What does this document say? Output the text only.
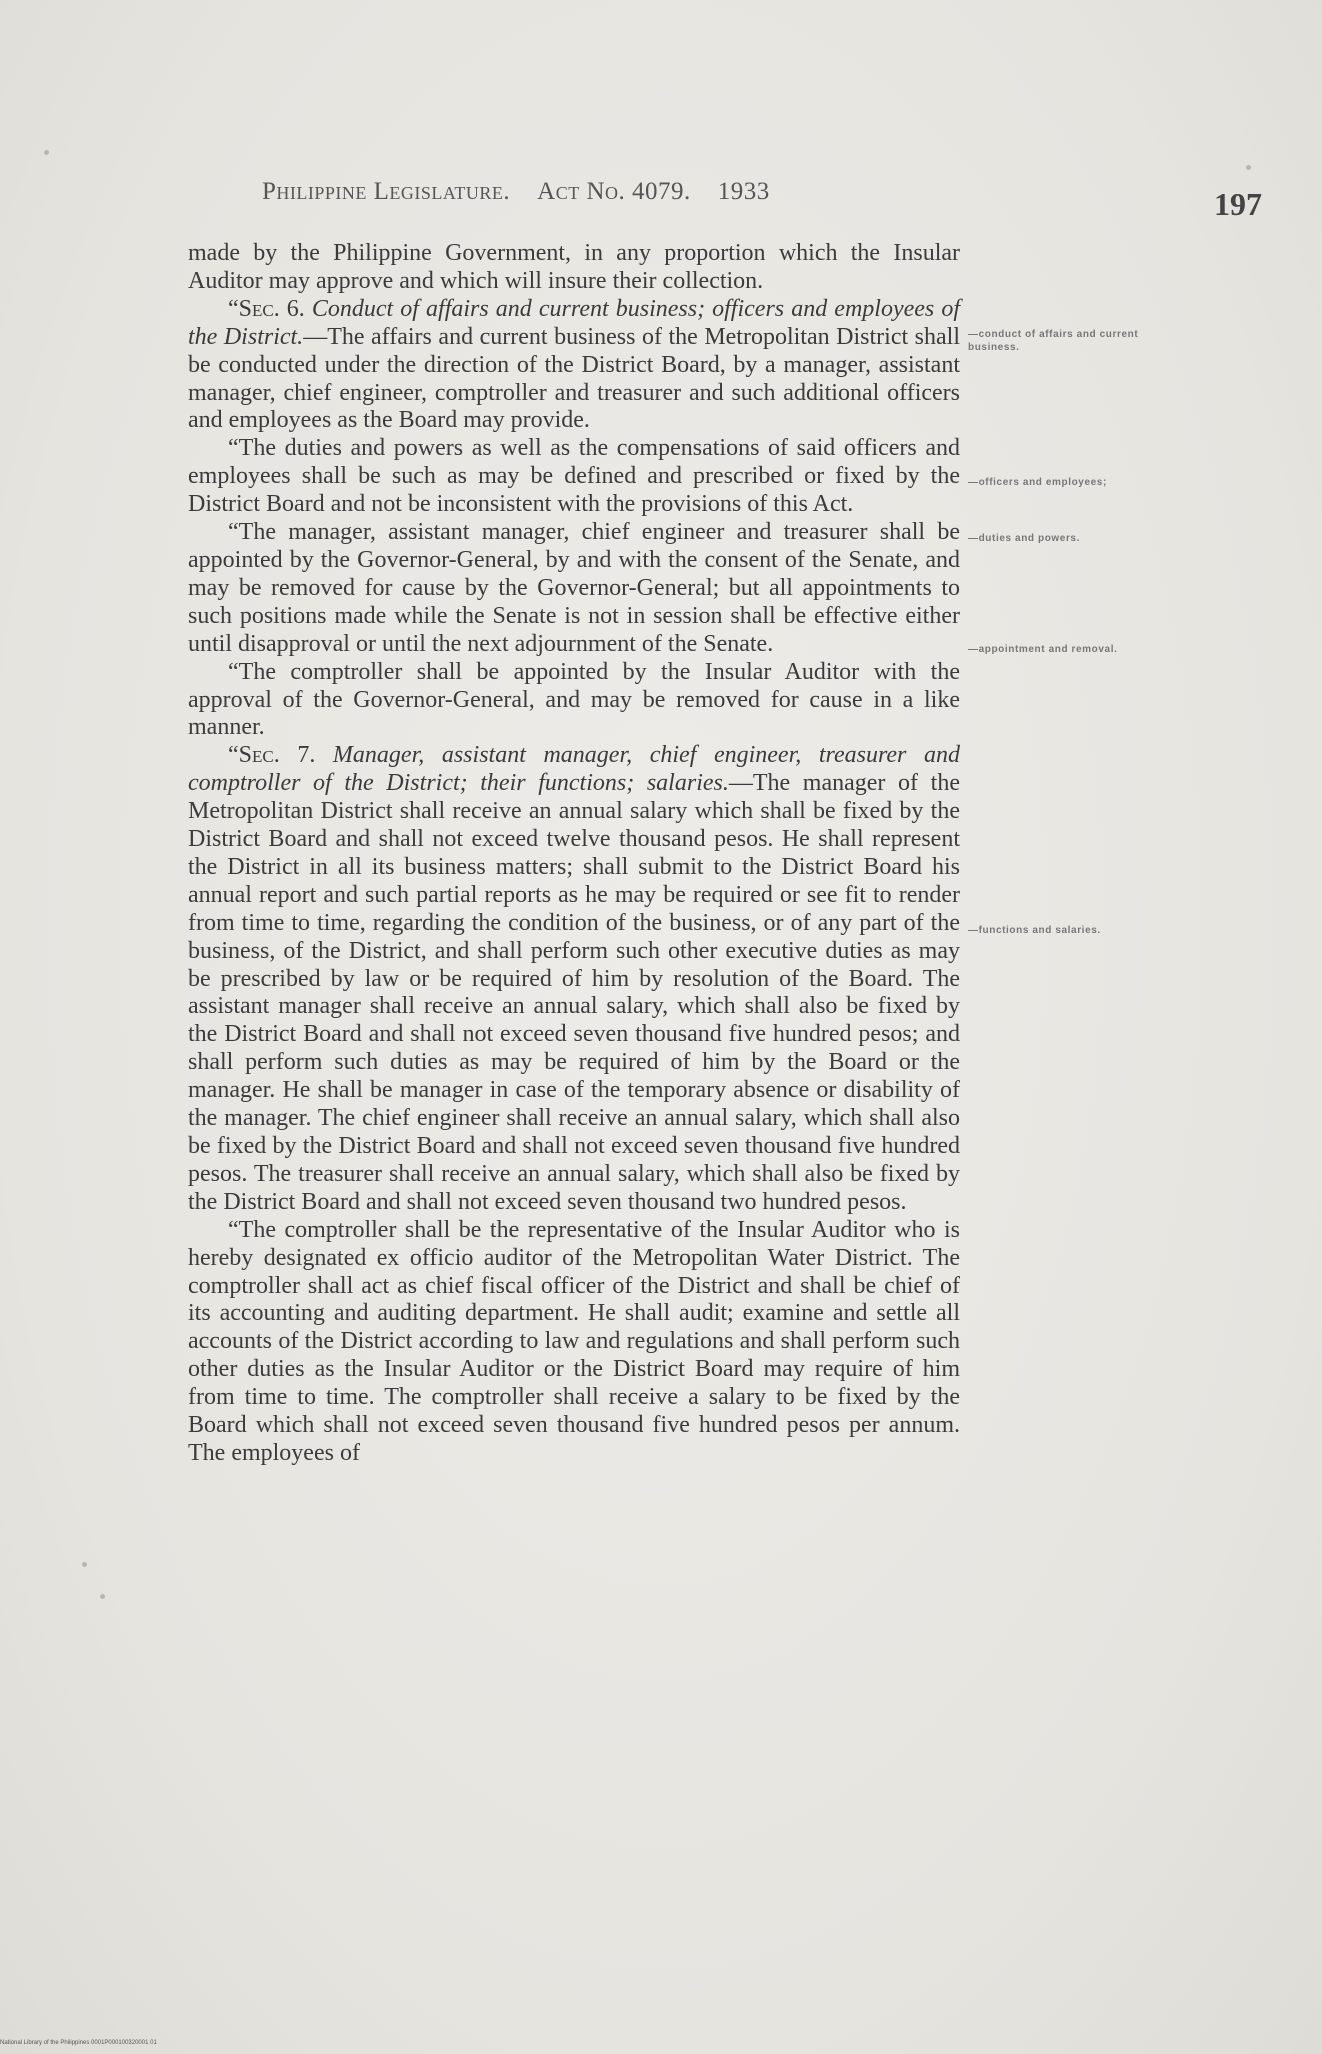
Philippine Legislature. Act No. 4079. 1933	197

made by the Philippine Government, in any proportion which the Insular Auditor may approve and which will insure their collection.

“Sec. 6. Conduct of affairs and current business; officers and employees of the District.—The affairs and current business of the Metropolitan District shall be conducted under the direction of the District Board, by a manager, assistant manager, chief engineer, comptroller and treasurer and such additional officers and employees as the Board may provide.

“The duties and powers as well as the compensations of said officers and employees shall be such as may be defined and prescribed or fixed by the District Board and not be inconsistent with the provisions of this Act.

“The manager, assistant manager, chief engineer and treasurer shall be appointed by the Governor-General, by and with the consent of the Senate, and may be removed for cause by the Governor-General; but all appointments to such positions made while the Senate is not in session shall be effective either until disapproval or until the next adjournment of the Senate.

“The comptroller shall be appointed by the Insular Auditor with the approval of the Governor-General, and may be removed for cause in a like manner.

“Sec. 7. Manager, assistant manager, chief engineer, treasurer and comptroller of the District; their functions; salaries.—The manager of the Metropolitan District shall receive an annual salary which shall be fixed by the District Board and shall not exceed twelve thousand pesos. He shall represent the District in all its business matters; shall submit to the District Board his annual report and such partial reports as he may be required or see fit to render from time to time, regarding the condition of the business, or of any part of the business, of the District, and shall perform such other executive duties as may be prescribed by law or be required of him by resolution of the Board. The assistant manager shall receive an annual salary, which shall also be fixed by the District Board and shall not exceed seven thousand five hundred pesos; and shall perform such duties as may be required of him by the Board or the manager. He shall be manager in case of the temporary absence or disability of the manager. The chief engineer shall receive an annual salary, which shall also be fixed by the District Board and shall not exceed seven thousand five hundred pesos. The treasurer shall receive an annual salary, which shall also be fixed by the District Board and shall not exceed seven thousand two hundred pesos.

“The comptroller shall be the representative of the Insular Auditor who is hereby designated ex officio auditor of the Metropolitan Water District. The comptroller shall act as chief fiscal officer of the District and shall be chief of its accounting and auditing department. He shall audit; examine and settle all accounts of the District according to law and regulations and shall perform such other duties as the Insular Auditor or the District Board may require of him from time to time. The comptroller shall receive a salary to be fixed by the Board which shall not exceed seven thousand five hundred pesos per annum. The employees of

—conduct of affairs and current business.
—officers and employees;
—duties and powers.
—appointment and removal.
—functions and salaries.
National Library of the Philippines 0001P000100320001 01
